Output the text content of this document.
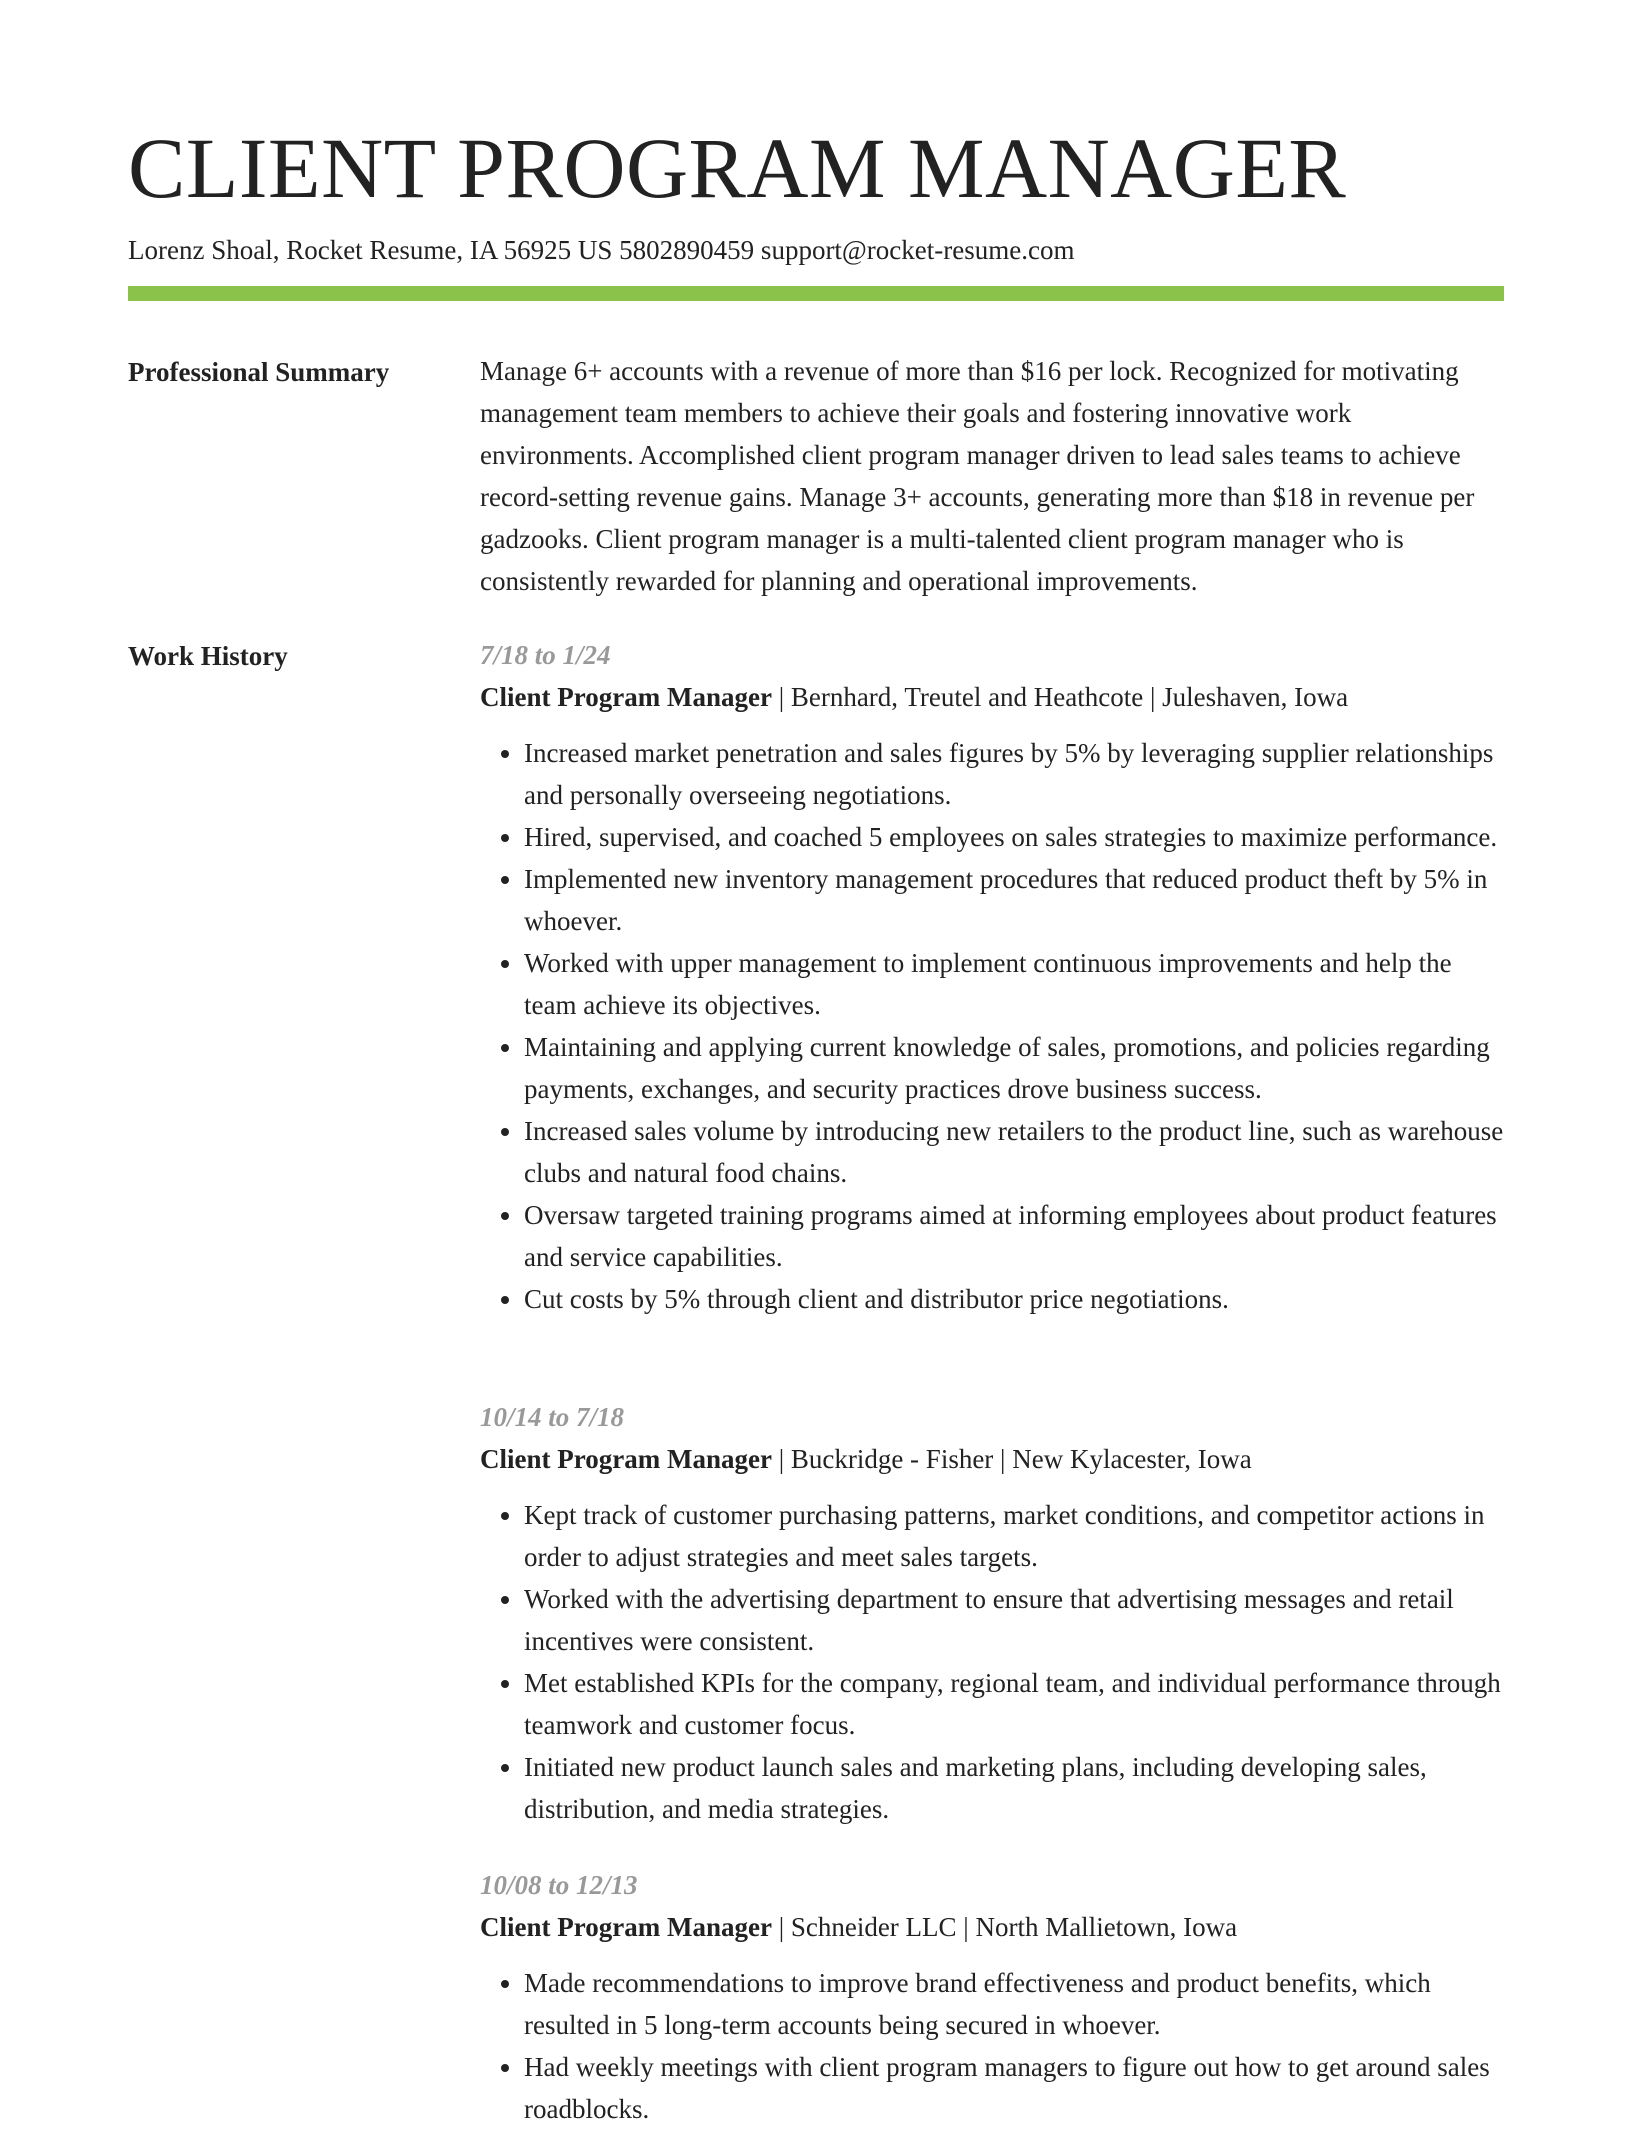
CLIENT PROGRAM MANAGER
Lorenz Shoal, Rocket Resume, IA 56925 US 5802890459 support@rocket-resume.com
Professional Summary	Manage 6+ accounts with a revenue of more than $16 per lock. Recognized for motivating management team members to achieve their goals and fostering innovative work environments. Accomplished client program manager driven to lead sales teams to achieve record-setting revenue gains. Manage 3+ accounts, generating more than $18 in revenue per gadzooks. Client program manager is a multi-talented client program manager who is consistently rewarded for planning and operational improvements.

Work History	7/18 to 1/24
Client Program Manager | Bernhard, Treutel and Heathcote | Juleshaven, Iowa
• Increased market penetration and sales figures by 5% by leveraging supplier relationships and personally overseeing negotiations.
• Hired, supervised, and coached 5 employees on sales strategies to maximize performance.
• Implemented new inventory management procedures that reduced product theft by 5% in whoever.
• Worked with upper management to implement continuous improvements and help the team achieve its objectives.
• Maintaining and applying current knowledge of sales, promotions, and policies regarding payments, exchanges, and security practices drove business success.
• Increased sales volume by introducing new retailers to the product line, such as warehouse clubs and natural food chains.
• Oversaw targeted training programs aimed at informing employees about product features and service capabilities.
• Cut costs by 5% through client and distributor price negotiations.
10/14 to 7/18
Client Program Manager | Buckridge - Fisher | New Kylacester, Iowa
• Kept track of customer purchasing patterns, market conditions, and competitor actions in order to adjust strategies and meet sales targets.
• Worked with the advertising department to ensure that advertising messages and retail incentives were consistent.
• Met established KPIs for the company, regional team, and individual performance through teamwork and customer focus.
• Initiated new product launch sales and marketing plans, including developing sales, distribution, and media strategies.
10/08 to 12/13
Client Program Manager | Schneider LLC | North Mallietown, Iowa
• Made recommendations to improve brand effectiveness and product benefits, which resulted in 5 long-term accounts being secured in whoever.
• Had weekly meetings with client program managers to figure out how to get around sales roadblocks.
